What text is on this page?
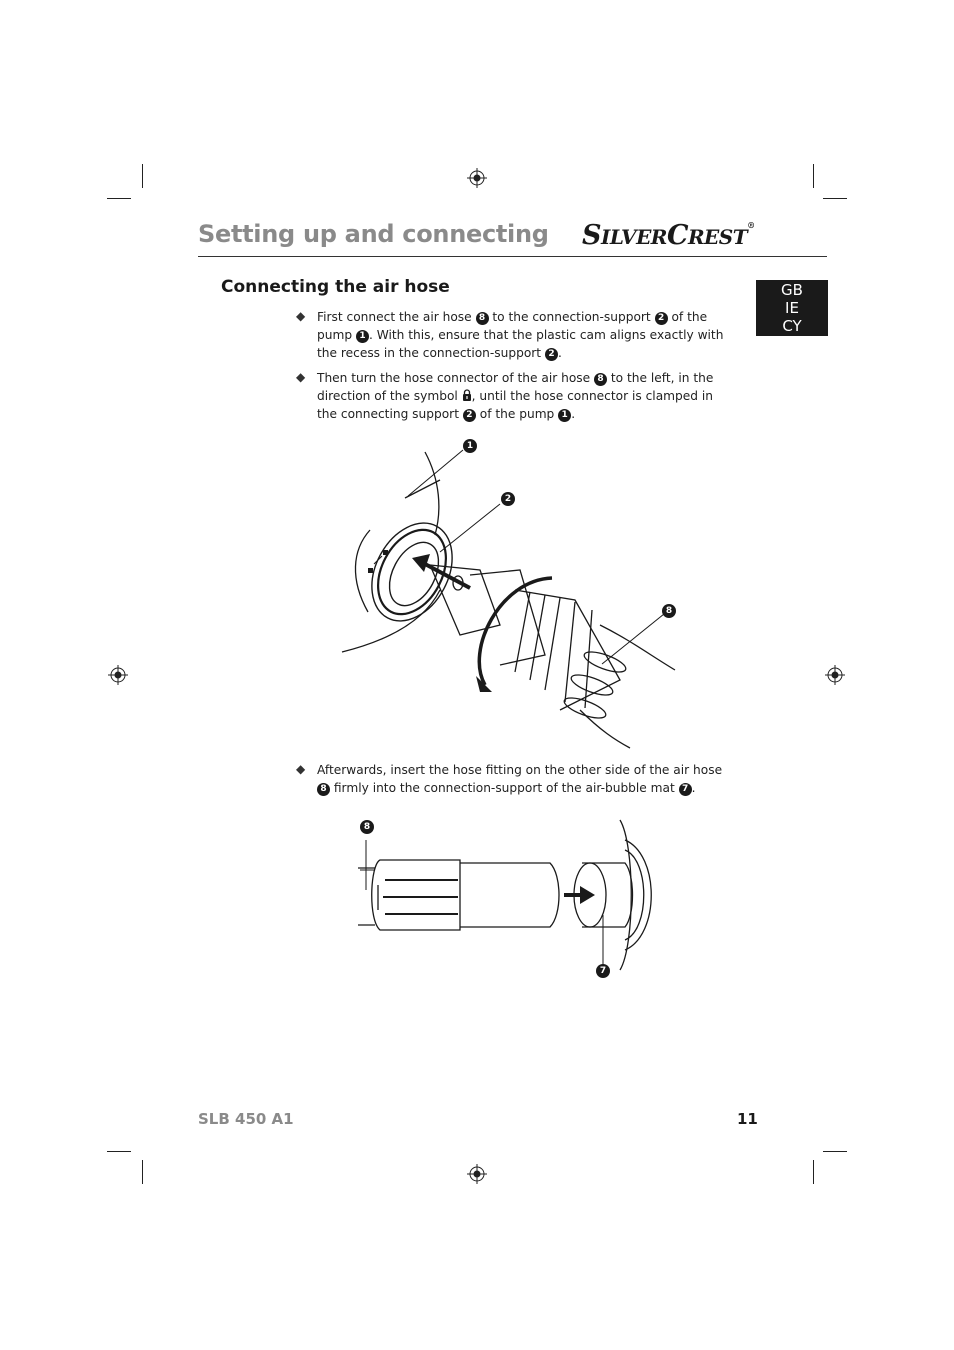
Setting up and connecting SILVERCREST®
Connecting the air hose	GB
IE
CY
◆ First connect the air hose 8 to the connection-support 2 of the pump 1 . With this, ensure that the plastic cam aligns exactly with the recess in the connection-support 2 .
◆ Then turn the hose connector of the air hose 8 to the left, in the direction of the symbol , until the hose connector is clamped in the connecting support 2 of the pump 1 .
1
2
8
◆ Afterwards, insert the hose fitting on the other side of the air hose 8 firmly into the connection-support of the air-bubble mat 7 .
8
7
SLB 450 A1	11
